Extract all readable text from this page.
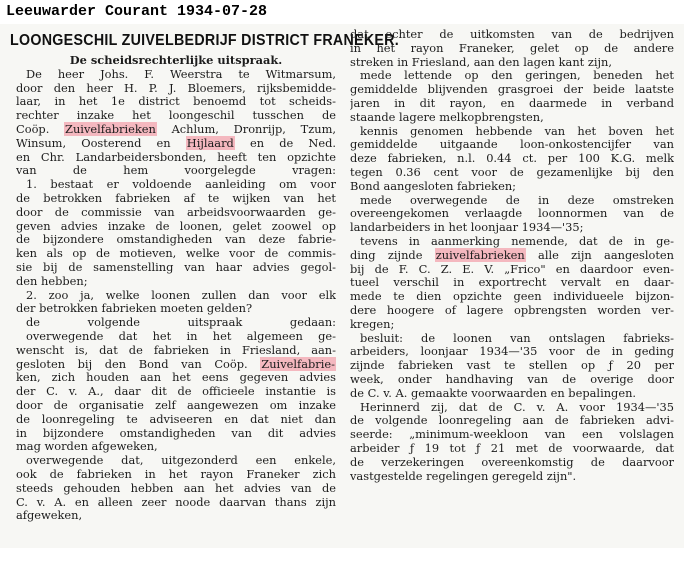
Leeuwarder Courant 1934-07-28
LOONGESCHIL ZUIVELBEDRIJF DISTRICT FRANEKER.
De scheidsrechterlijke uitspraak.
De heer Johs. F. Weerstra te Witmarsum,
door den heer H. P. J. Bloemers, rijksbemidde-
laar, in het 1e district benoemd tot scheids-
rechter inzake het loongeschil tusschen de
Coöp. Zuivelfabrieken Achlum, Dronrijp, Tzum,
Winsum, Oosterend en Hijlaard en de Ned.
en Chr. Landarbeidersbonden, heeft ten opzichte
van de hem voorgelegde vragen:
1. bestaat er voldoende aanleiding om voor
de betrokken fabrieken af te wijken van het
door de commissie van arbeidsvoorwaarden ge-
geven advies inzake de loonen, gelet zoowel op
de bijzondere omstandigheden van deze fabrie-
ken als op de motieven, welke voor de commis-
sie bij de samenstelling van haar advies gegol-
den hebben;
2. zoo ja, welke loonen zullen dan voor elk
der betrokken fabrieken moeten gelden?
de volgende uitspraak gedaan:
overwegende dat het in het algemeen ge-
wenscht is, dat de fabrieken in Friesland, aan-
gesloten bij den Bond van Coöp. Zuivelfabrie-
ken, zich houden aan het eens gegeven advies
der C. v. A., daar dit de officieele instantie is
door de organisatie zelf aangewezen om inzake
de loonregeling te adviseeren en dat niet dan
in bijzondere omstandigheden van dit advies
mag worden afgeweken,
overwegende dat, uitgezonderd een enkele,
ook de fabrieken in het rayon Franeker zich
steeds gehouden hebben aan het advies van de
C. v. A. en alleen zeer noode daarvan thans zijn
afgeweken,
dat echter de uitkomsten van de bedrijven
in het rayon Franeker, gelet op de andere
streken in Friesland, aan den lagen kant zijn,
mede lettende op den geringen, beneden het
gemiddelde blijvenden grasgroei der beide laatste
jaren in dit rayon, en daarmede in verband
staande lagere melkopbrengsten,
kennis genomen hebbende van het boven het
gemiddelde uitgaande loon-onkostencijfer van
deze fabrieken, n.l. 0.44 ct. per 100 K.G. melk
tegen 0.36 cent voor de gezamenlijke bij den
Bond aangesloten fabrieken;
mede overwegende de in deze omstreken
overeengekomen verlaagde loonnormen van de
landarbeiders in het loonjaar 1934—'35;
tevens in aanmerking nemende, dat de in ge-
ding zijnde zuivelfabrieken alle zijn aangesloten
bij de F. C. Z. E. V. „Frico" en daardoor even-
tueel verschil in exportrecht vervalt en daar-
mede te dien opzichte geen individueele bijzon-
dere hoogere of lagere opbrengsten worden ver-
kregen;
besluit: de loonen van ontslagen fabrieks-
arbeiders, loonjaar 1934—'35 voor de in geding
zijnde fabrieken vast te stellen op ƒ 20 per
week, onder handhaving van de overige door
de C. v. A. gemaakte voorwaarden en bepalingen.
Herinnerd zij, dat de C. v. A. voor 1934—'35
de volgende loonregeling aan de fabrieken advi-
seerde: „minimum-weekloon van een volslagen
arbeider ƒ 19 tot ƒ 21 met de voorwaarde, dat
de verzekeringen overeenkomstig de daarvoor
vastgestelde regelingen geregeld zijn".
